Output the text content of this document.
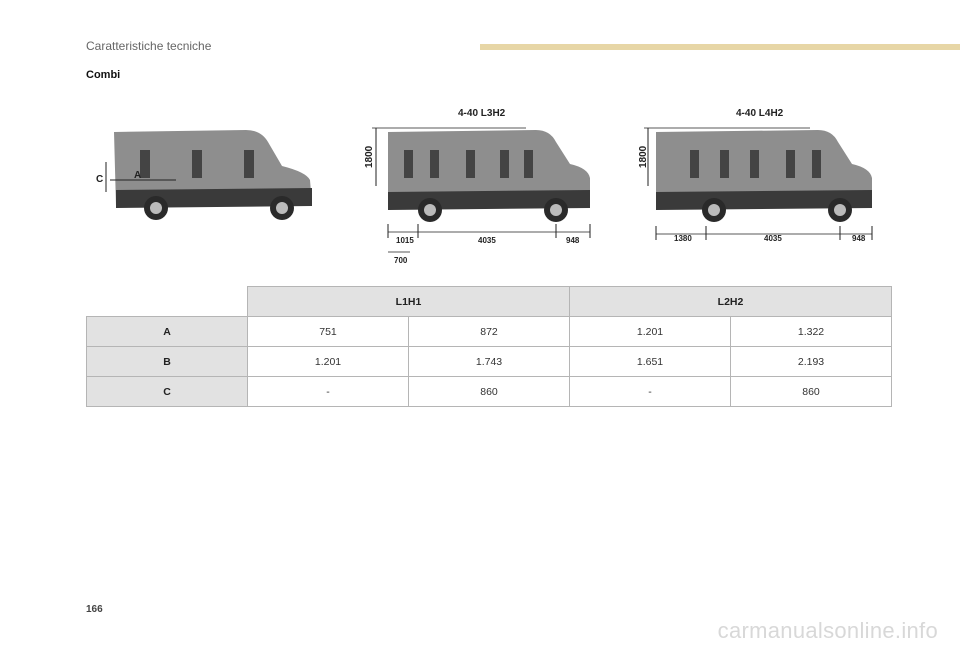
Caratteristiche tecniche
Combi
C	A
4-40 L3H2
1800
1015	4035	948
700
4-40 L4H2
1800
1380	4035	948
	L1H1		L2H2	
A	751	872	1.201	1.322
B	1.201	1.743	1.651	2.193
C	-	860	-	860
166
carmanualsonline.info
